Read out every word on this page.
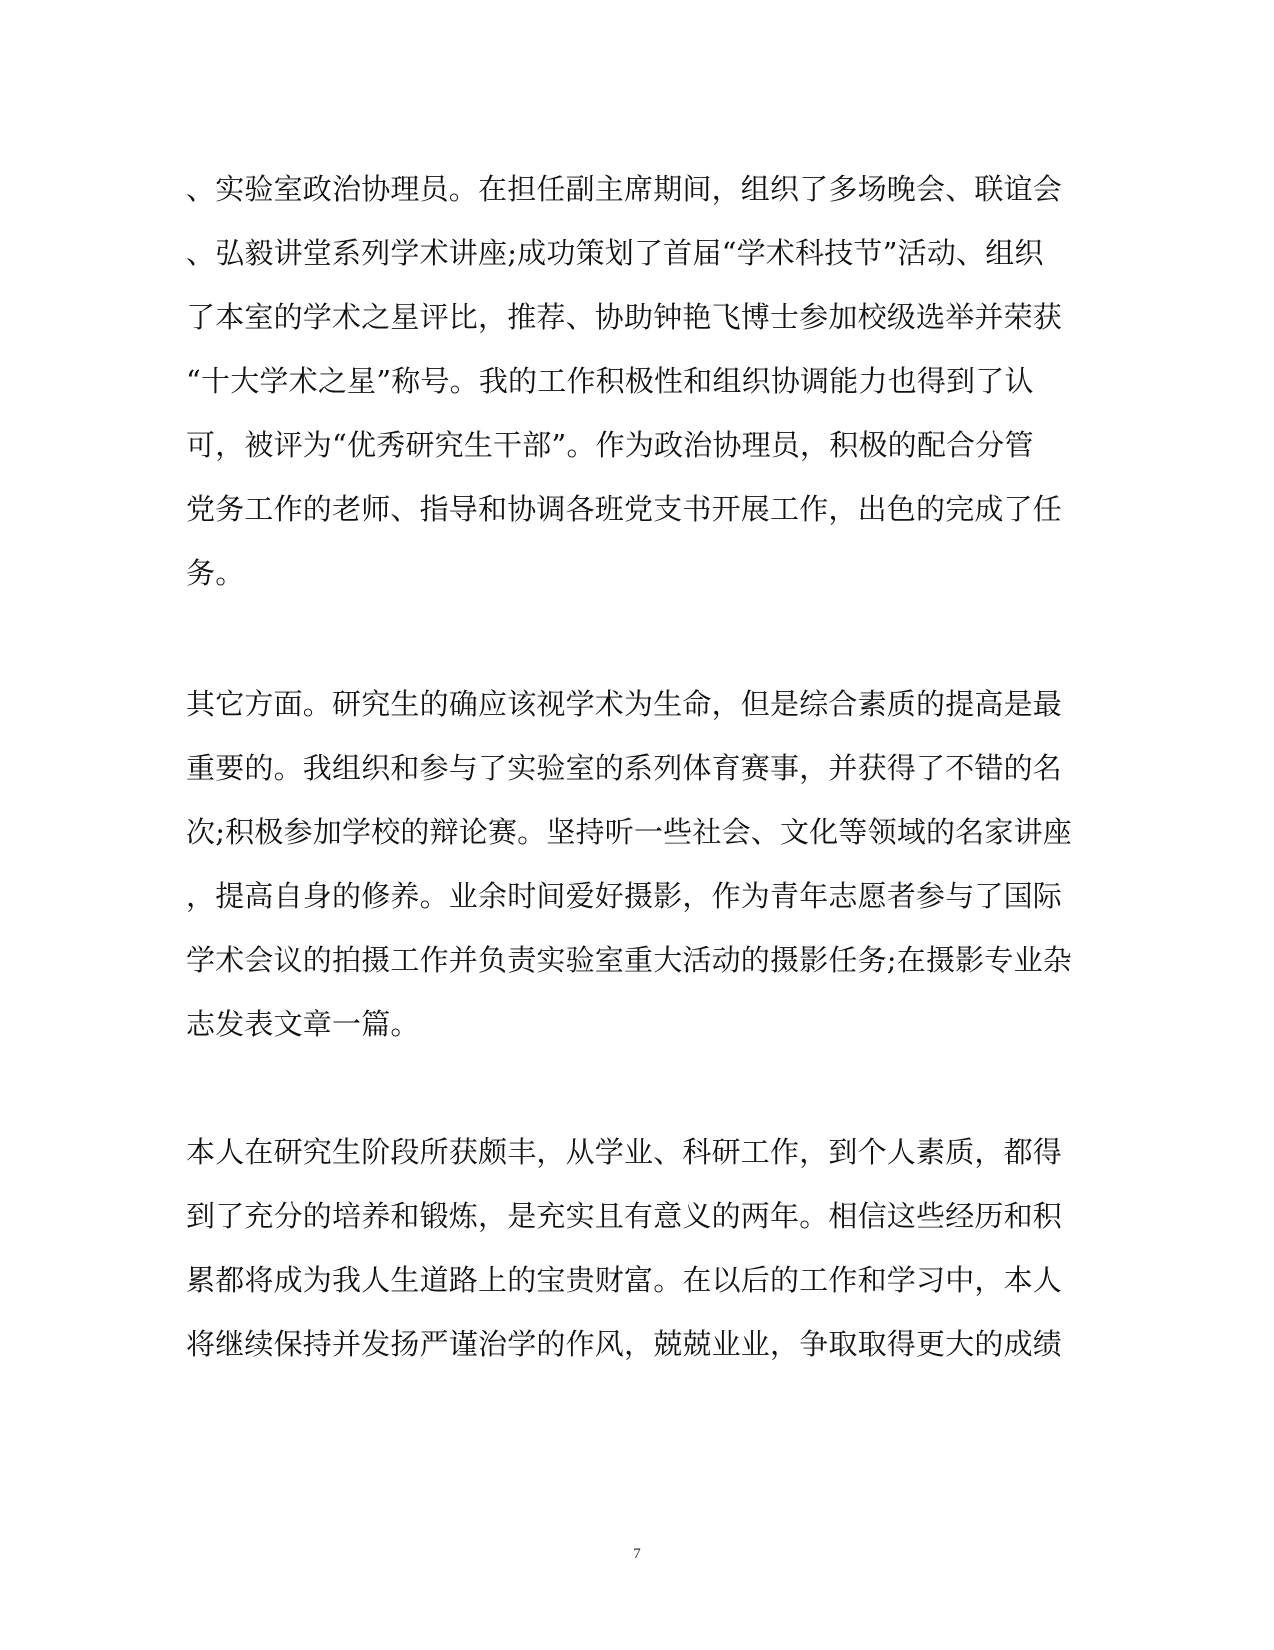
、实验室政治协理员。在担任副主席期间，组织了多场晚会、联谊会
、弘毅讲堂系列学术讲座;成功策划了首届“学术科技节”活动、组织
了本室的学术之星评比，推荐、协助钟艳飞博士参加校级选举并荣获
“十大学术之星”称号。我的工作积极性和组织协调能力也得到了认
可，被评为“优秀研究生干部”。作为政治协理员，积极的配合分管
党务工作的老师、指导和协调各班党支书开展工作，出色的完成了任
务。
其它方面。研究生的确应该视学术为生命，但是综合素质的提高是最
重要的。我组织和参与了实验室的系列体育赛事，并获得了不错的名
次;积极参加学校的辩论赛。坚持听一些社会、文化等领域的名家讲座
，提高自身的修养。业余时间爱好摄影，作为青年志愿者参与了国际
学术会议的拍摄工作并负责实验室重大活动的摄影任务;在摄影专业杂
志发表文章一篇。
本人在研究生阶段所获颇丰，从学业、科研工作，到个人素质，都得
到了充分的培养和锻炼，是充实且有意义的两年。相信这些经历和积
累都将成为我人生道路上的宝贵财富。在以后的工作和学习中，本人
将继续保持并发扬严谨治学的作风，兢兢业业，争取取得更大的成绩
7
